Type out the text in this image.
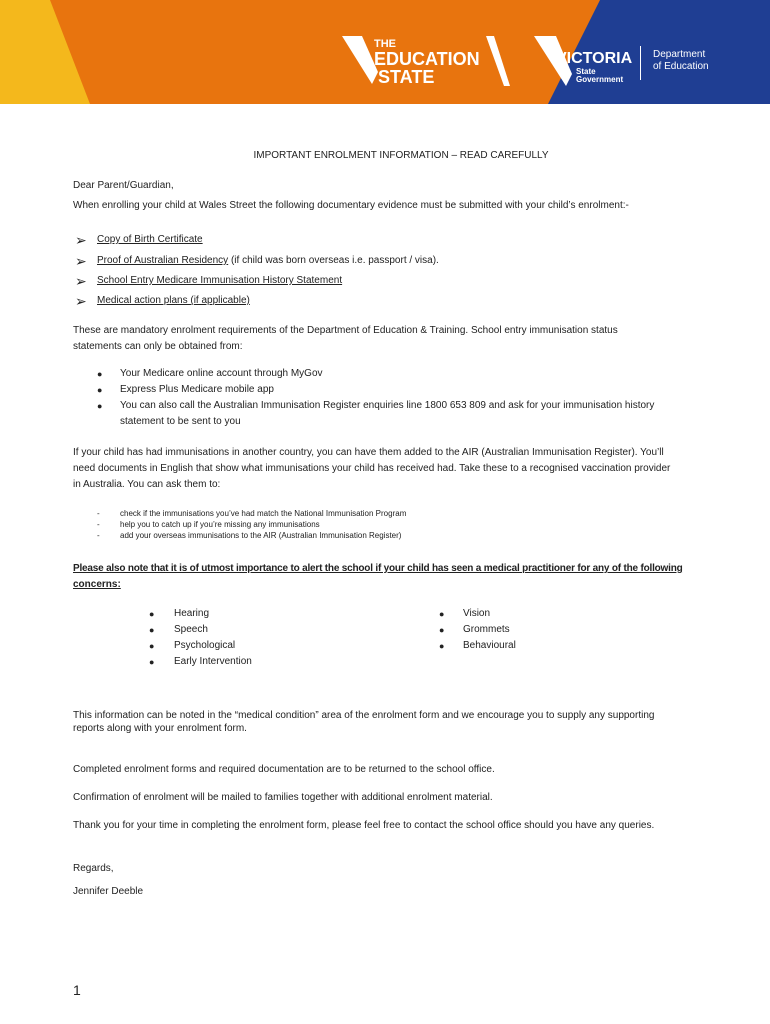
THE
EDUCATION
STATE
VICTORIA
State
Government
Department
of Education
IMPORTANT ENROLMENT INFORMATION – READ CAREFULLY
Dear Parent/Guardian,
When enrolling your child at Wales Street the following documentary evidence must be submitted with your child’s enrolment:-
➢ Copy of Birth Certificate
➢ Proof of Australian Residency (if child was born overseas i.e. passport / visa).
➢ School Entry Medicare Immunisation History Statement
➢ Medical action plans (if applicable)
These are mandatory enrolment requirements of the Department of Education & Training. School entry immunisation status
statements can only be obtained from:
● Your Medicare online account through MyGov
● Express Plus Medicare mobile app
● You can also call the Australian Immunisation Register enquiries line 1800 653 809 and ask for your immunisation history
statement to be sent to you
If your child has had immunisations in another country, you can have them added to the AIR (Australian Immunisation Register). You’ll
need documents in English that show what immunisations your child has received had. Take these to a recognised vaccination provider
in Australia. You can ask them to:
-	check if the immunisations you’ve had match the National Immunisation Program
-	help you to catch up if you’re missing any immunisations
-	add your overseas immunisations to the AIR (Australian Immunisation Register)
Please also note that it is of utmost importance to alert the school if your child has seen a medical practitioner for any of the following
concerns:
● Hearing
● Speech
● Psychological
● Early Intervention
● Vision
● Grommets
● Behavioural
This information can be noted in the “medical condition” area of the enrolment form and we encourage you to supply any supporting
reports along with your enrolment form.
Completed enrolment forms and required documentation are to be returned to the school office.
Confirmation of enrolment will be mailed to families together with additional enrolment material.
Thank you for your time in completing the enrolment form, please feel free to contact the school office should you have any queries.
Regards,
Jennifer Deeble
1
